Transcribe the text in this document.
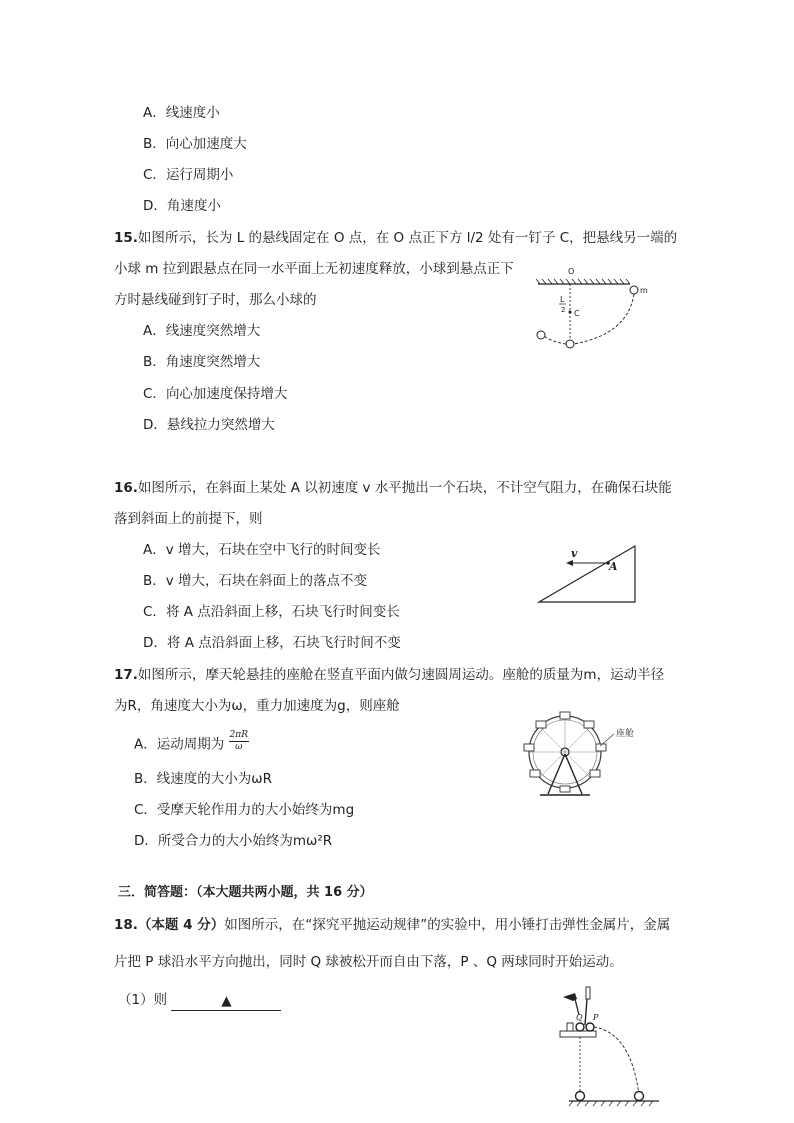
A．线速度小
B．向心加速度大
C．运行周期小
D．角速度小
15.如图所示，长为 L 的悬线固定在 O 点，在 O 点正下方 l/2 处有一钉子 C，把悬线另一端的
小球 m 拉到跟悬点在同一水平面上无初速度释放，小球到悬点正下
方时悬线碰到钉子时，那么小球的
A．线速度突然增大
B．角速度突然增大
C．向心加速度保持增大
D．悬线拉力突然增大
O
m
L
2 C
16.如图所示，在斜面上某处 A 以初速度 v 水平抛出一个石块，不计空气阻力，在确保石块能
落到斜面上的前提下，则
A．v 增大，石块在空中飞行的时间变长
B．v 增大，石块在斜面上的落点不变
C．将 A 点沿斜面上移，石块飞行时间变长
D．将 A 点沿斜面上移，石块飞行时间不变
v
A
17.如图所示，摩天轮悬挂的座舱在竖直平面内做匀速圆周运动。座舱的质量为m，运动半径
为R，角速度大小为ω，重力加速度为g，则座舱
A．运动周期为 $\frac{2\pi R}{\omega}$
B．线速度的大小为ωR
C．受摩天轮作用力的大小始终为mg
D．所受合力的大小始终为mω²R
座舱
三．简答题：（本大题共两小题，共 16 分）
18.（本题 4 分）如图所示，在“探究平抛运动规律”的实验中，用小锤打击弹性金属片，金属
片把 P 球沿水平方向抛出，同时 Q 球被松开而自由下落，P 、Q 两球同时开始运动。
（1）则	▲
Q P
